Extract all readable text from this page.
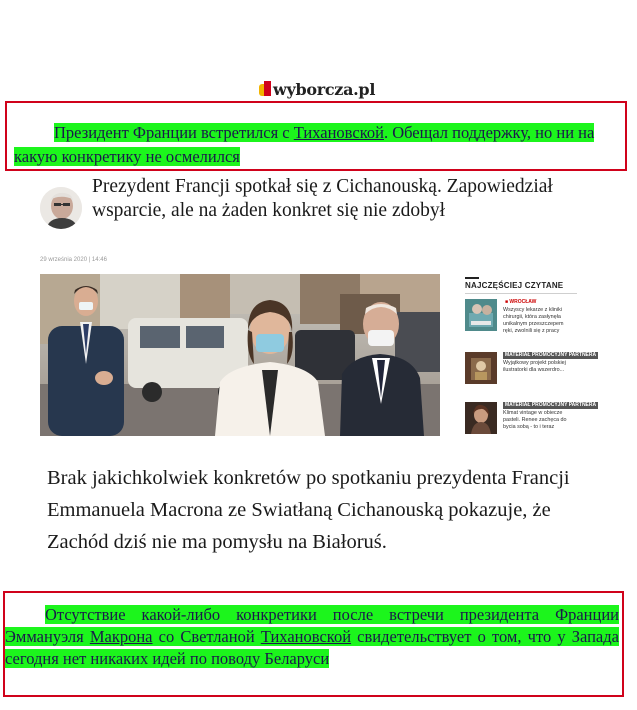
wyborcza.pl
Президент Франции встретился с Тихановской. Обещал поддержку, но ни на какую конкретику не осмелился
Prezydent Francji spotkał się z Cichanouską. Zapowiedział wsparcie, ale na żaden konkret się nie zdobył
29 września 2020 | 14:46
NAJCZĘŚCIEJ CZYTANE
■ WROCŁAW
Wszyscy lekarze z kliniki
chirurgii, która zasłynęła
unikalnym przeszczepem
ręki, zwolnili się z pracy
MATERIAŁ PROMOCYJNY PARTNERA
Wyjątkowy projekt polskiej
ilustratorki dla wszerdro...
MATERIAŁ PROMOCYJNY PARTNERA
Klimat vintage w obiecze
pasteli. Renee zachęca do
bycia sobą - to i teraz
Brak jakichkolwiek konkretów po spotkaniu prezydenta Francji Emmanuela Macrona ze Swiatłaną Cichanouską pokazuje, że Zachód dziś nie ma pomysłu na Białoruś.
Отсутствие какой-либо конкретики после встречи президента Франции Эммануэля Макрона со Светланой Тихановской свидетельствует о том, что у Запада сегодня нет никаких идей по поводу Беларуси
